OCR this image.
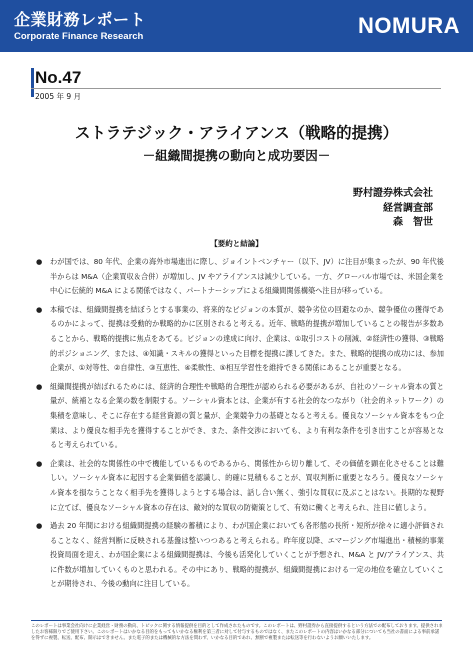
企業財務レポート
Corporate Finance Research	NOMURA
No.47
2005 年 9 月
ストラテジック・アライアンス（戦略的提携）
－組織間提携の動向と成功要因－
野村證券株式会社
経営調査部
森　智世
【要約と結論】
● わが国では、80 年代、企業の海外市場進出に際し、ジョイントベンチャー（以下、JV）に注目が集まったが、90 年代後半からは M&A（企業買収＆合併）が増加し、JV やアライアンスは減少している。一方、グローバル市場では、米国企業を中心に伝統的 M&A による関係ではなく、パートナーシップによる組織間関係構築へ注目が移っている。
● 本稿では、組織間提携を結ぼうとする事業の、将来的なビジョンの本質が、競争劣位の回避なのか、競争優位の獲得であるのかによって、提携は受動的か戦略的かに区別されると考える。近年、戦略的提携が増加していることの報告が多数あることから、戦略的提携に焦点をあてる。ビジョンの達成に向け、企業は、①取引コストの削減、②経済性の獲得、③戦略的ポジショニング、または、④知識・スキルの獲得といった目標を提携に課してきた。また、戦略的提携の成功には、参加企業が、①対等性、②自律性、③互恵性、④柔軟性、⑤相互学習性を維持できる関係にあることが重要となる。
● 組織間提携が結ばれるためには、経済的合理性や戦略的合理性が認められる必要があるが、自社のソーシャル資本の質と量が、統補となる企業の数を制限する。ソーシャル資本とは、企業が有する社会的なつながり（社会的ネットワーク）の集積を意味し、そこに存在する経営資源の質と量が、企業競争力の基礎となると考える。優良なソーシャル資本をもつ企業は、より優良な相手先を獲得することができ、また、条件交渉においても、より有利な条件を引き出すことが容易となると考えられている。
● 企業は、社会的な関係性の中で機能しているものであるから、関係性から切り離して、その価値を顕在化させることは難しい。ソーシャル資本に起因する企業価値を認識し、的確に見積もることが、買収判断に重要となろう。優良なソーシャル資本を損なうことなく相手先を獲得しようとする場合は、話し合い無く、強引な買収に及ぶことはない。長期的な視野に立てば、優良なソーシャル資本の存在は、敵対的な買収の防衛策として、有効に働くと考えられ、注目に値しよう。
● 過去 20 年間における組織間提携の経験の蓄積により、わが国企業においても各形態の長所・短所が徐々に適小評価されることなく、経営判断に反映される基盤は整いつつあると考えられる。昨年度以降、エマージング市場進出・積極的事業投資局面を迎え、わが国企業による組織間提携は、今後も活発化していくことが予想され、M&A と JV/アライアンス、共に件数が増加していくものと思われる。その中にあり、戦略的提携が、組織間提携における一定の地位を確立していくことが期待され、今後の動向に注目している。
このレポートは事業会社向けに企業経営・財務の動向、トピックに関する情報提供を目的として作成されたものです。このレポートは、野村證券から直接提供するという方法での配布しております。提供されましたお客様限りでご使用下さい。このレポートはいかなる目的をもってもいかなる権利を第三者に対して付与するものではなく、またこのレポートの内容はいかなる部分についても当社の書面による事前承諾を得ずに複製、転送、配布、開示はできません。また電子的または機械的な方法を問わず、いかなる目的であれ、無断で複製または転送等を行わないようお願いいたします。
